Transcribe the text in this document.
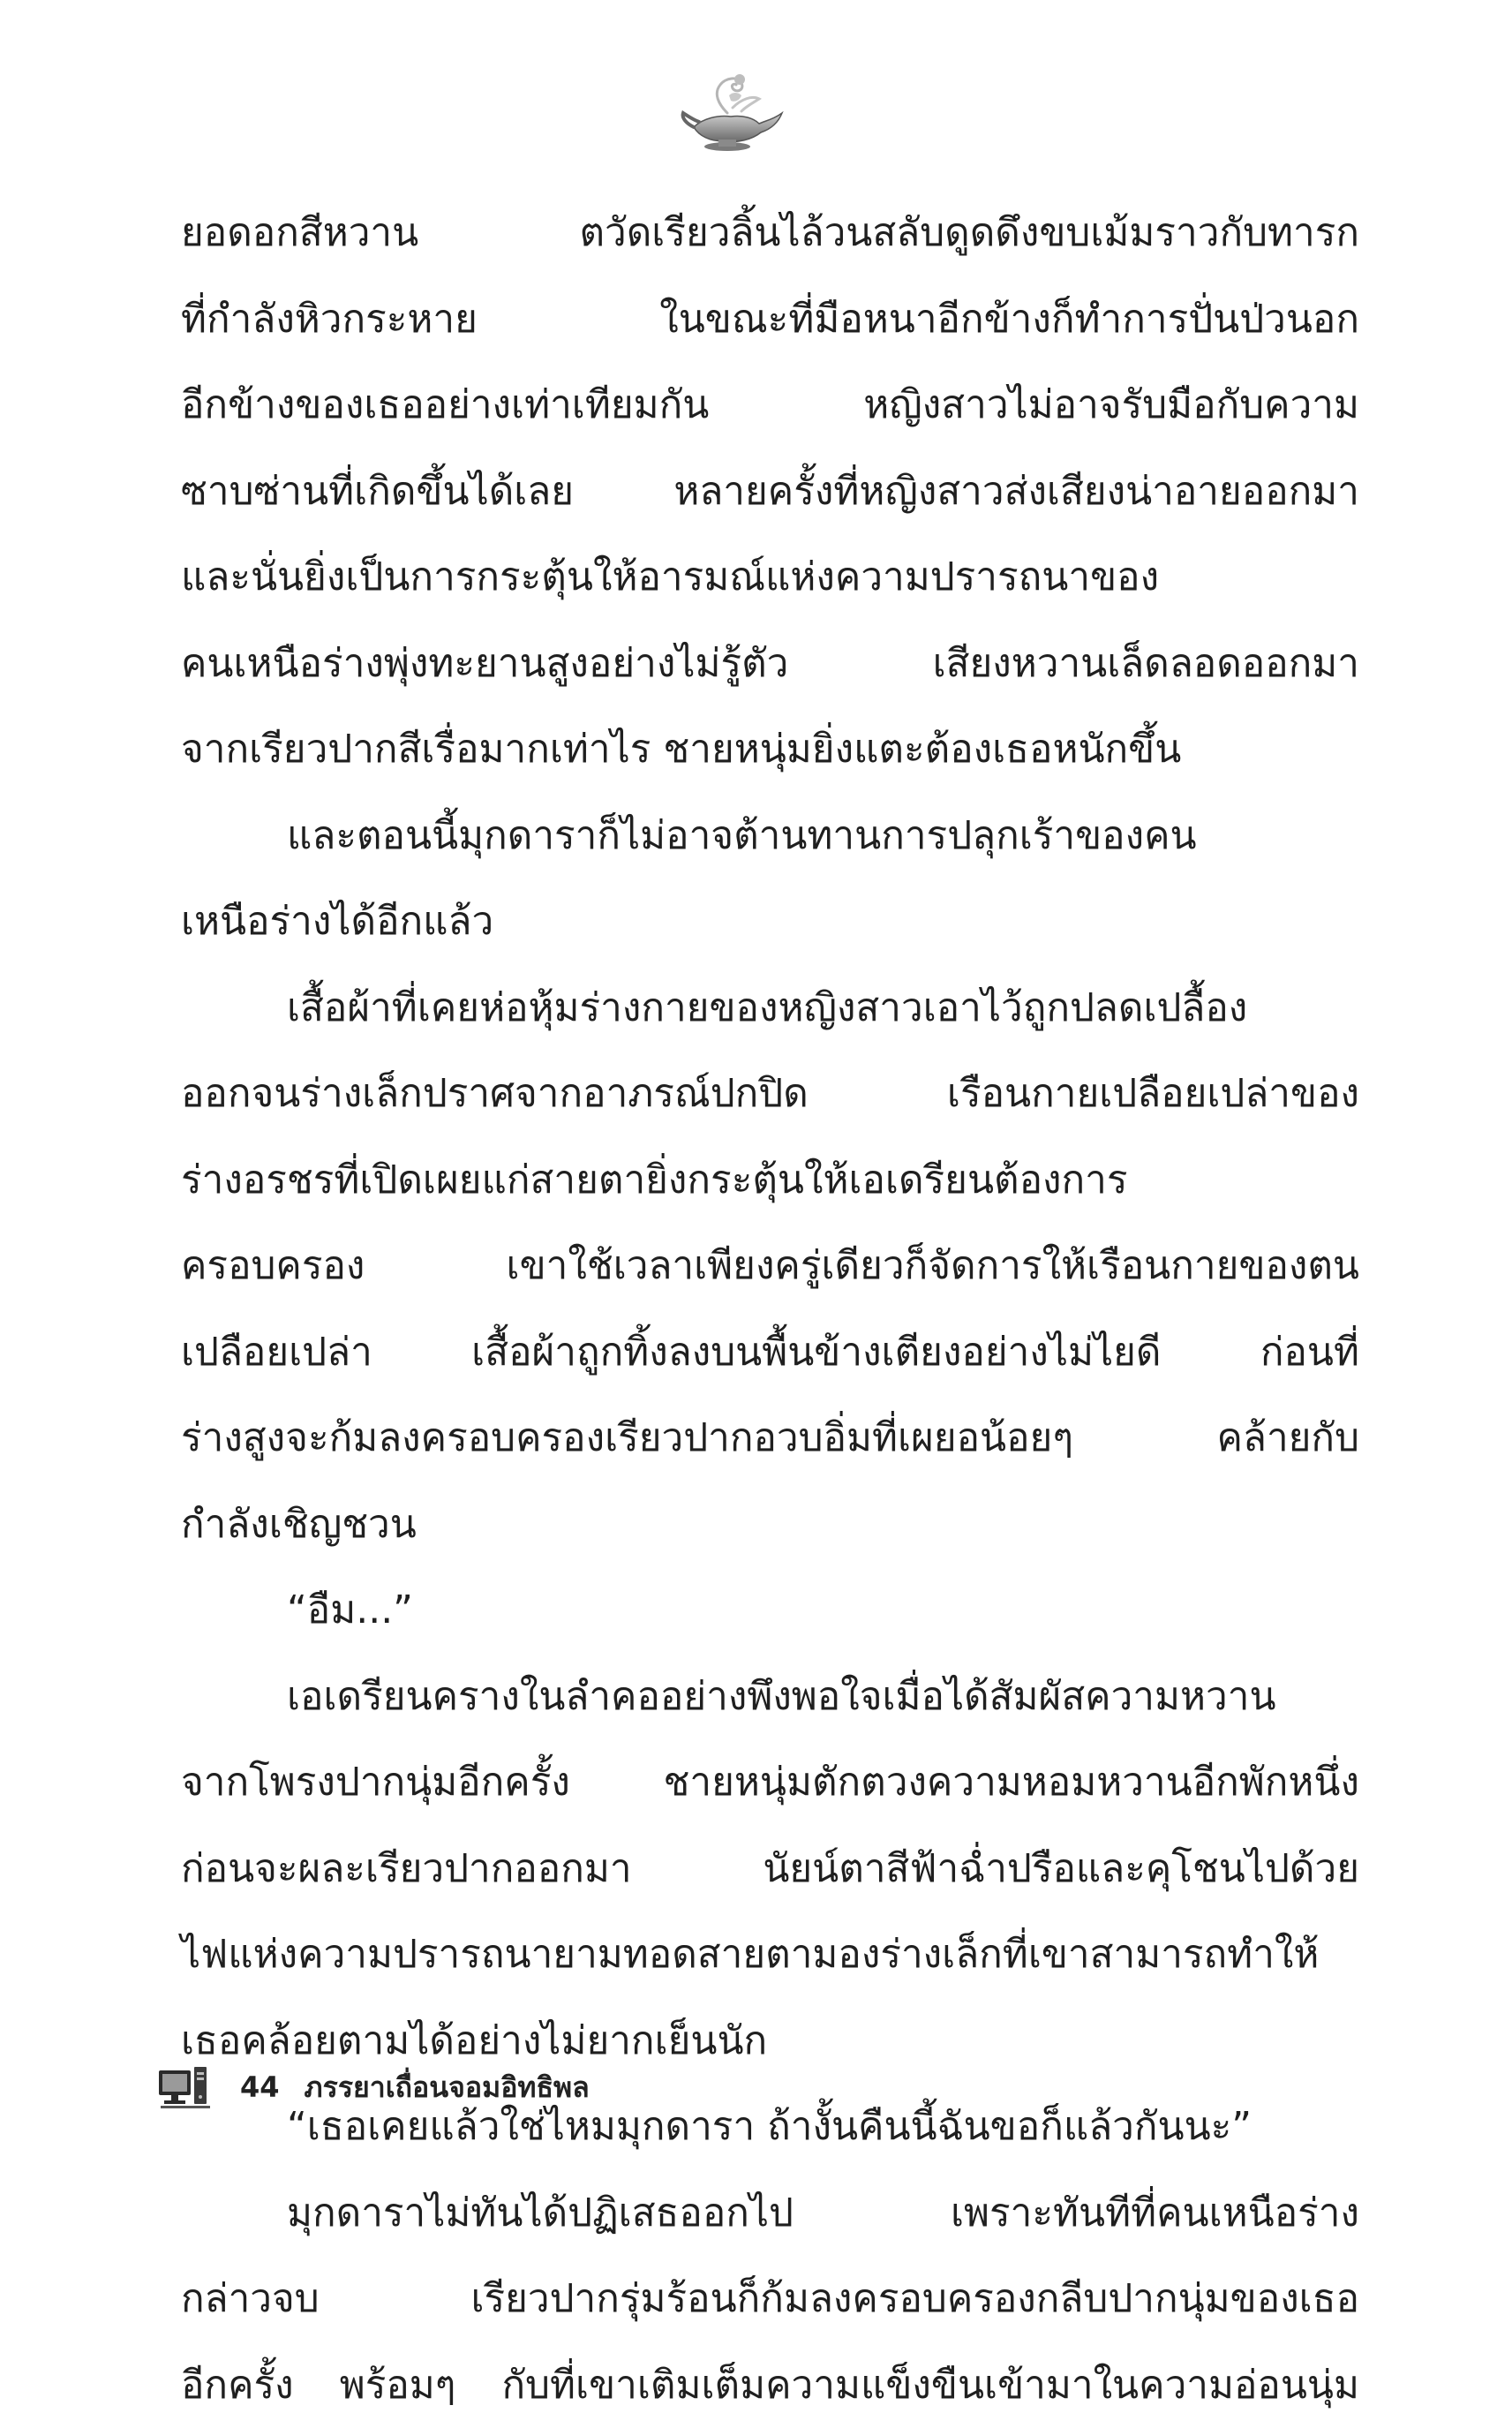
ยอดอกสีหวาน ตวัดเรียวลิ้นไล้วนสลับดูดดึงขบเม้มราวกับทารก
ที่กำลังหิวกระหาย ในขณะที่มือหนาอีกข้างก็ทำการปั่นป่วนอก
อีกข้างของเธออย่างเท่าเทียมกัน หญิงสาวไม่อาจรับมือกับความ
ซาบซ่านที่เกิดขึ้นได้เลย หลายครั้งที่หญิงสาวส่งเสียงน่าอายออกมา
และนั่นยิ่งเป็นการกระตุ้นให้อารมณ์แห่งความปรารถนาของ
คนเหนือร่างพุ่งทะยานสูงอย่างไม่รู้ตัว เสียงหวานเล็ดลอดออกมา
จากเรียวปากสีเรื่อมากเท่าไร ชายหนุ่มยิ่งแตะต้องเธอหนักขึ้น
และตอนนี้มุกดาราก็ไม่อาจต้านทานการปลุกเร้าของคน
เหนือร่างได้อีกแล้ว
เสื้อผ้าที่เคยห่อหุ้มร่างกายของหญิงสาวเอาไว้ถูกปลดเปลื้อง
ออกจนร่างเล็กปราศจากอาภรณ์ปกปิด เรือนกายเปลือยเปล่าของ
ร่างอรชรที่เปิดเผยแก่สายตายิ่งกระตุ้นให้เอเดรียนต้องการ
ครอบครอง เขาใช้เวลาเพียงครู่เดียวก็จัดการให้เรือนกายของตน
เปลือยเปล่า เสื้อผ้าถูกทิ้งลงบนพื้นข้างเตียงอย่างไม่ไยดี ก่อนที่
ร่างสูงจะก้มลงครอบครองเรียวปากอวบอิ่มที่เผยอน้อยๆ คล้ายกับ
กำลังเชิญชวน
“อืม...”
เอเดรียนครางในลำคออย่างพึงพอใจเมื่อได้สัมผัสความหวาน
จากโพรงปากนุ่มอีกครั้ง ชายหนุ่มตักตวงความหอมหวานอีกพักหนึ่ง
ก่อนจะผละเรียวปากออกมา นัยน์ตาสีฟ้าฉ่ำปรือและคุโชนไปด้วย
ไฟแห่งความปรารถนายามทอดสายตามองร่างเล็กที่เขาสามารถทำให้
เธอคล้อยตามได้อย่างไม่ยากเย็นนัก
“เธอเคยแล้วใช่ไหมมุกดารา ถ้างั้นคืนนี้ฉันขอก็แล้วกันนะ”
มุกดาราไม่ทันได้ปฏิเสธออกไป เพราะทันทีที่คนเหนือร่าง
กล่าวจบ เรียวปากรุ่มร้อนก็ก้มลงครอบครองกลีบปากนุ่มของเธอ
อีกครั้ง พร้อมๆ กับที่เขาเติมเต็มความแข็งขืนเข้ามาในความอ่อนนุ่ม
44 ภรรยาเถื่อนจอมอิทธิพล
